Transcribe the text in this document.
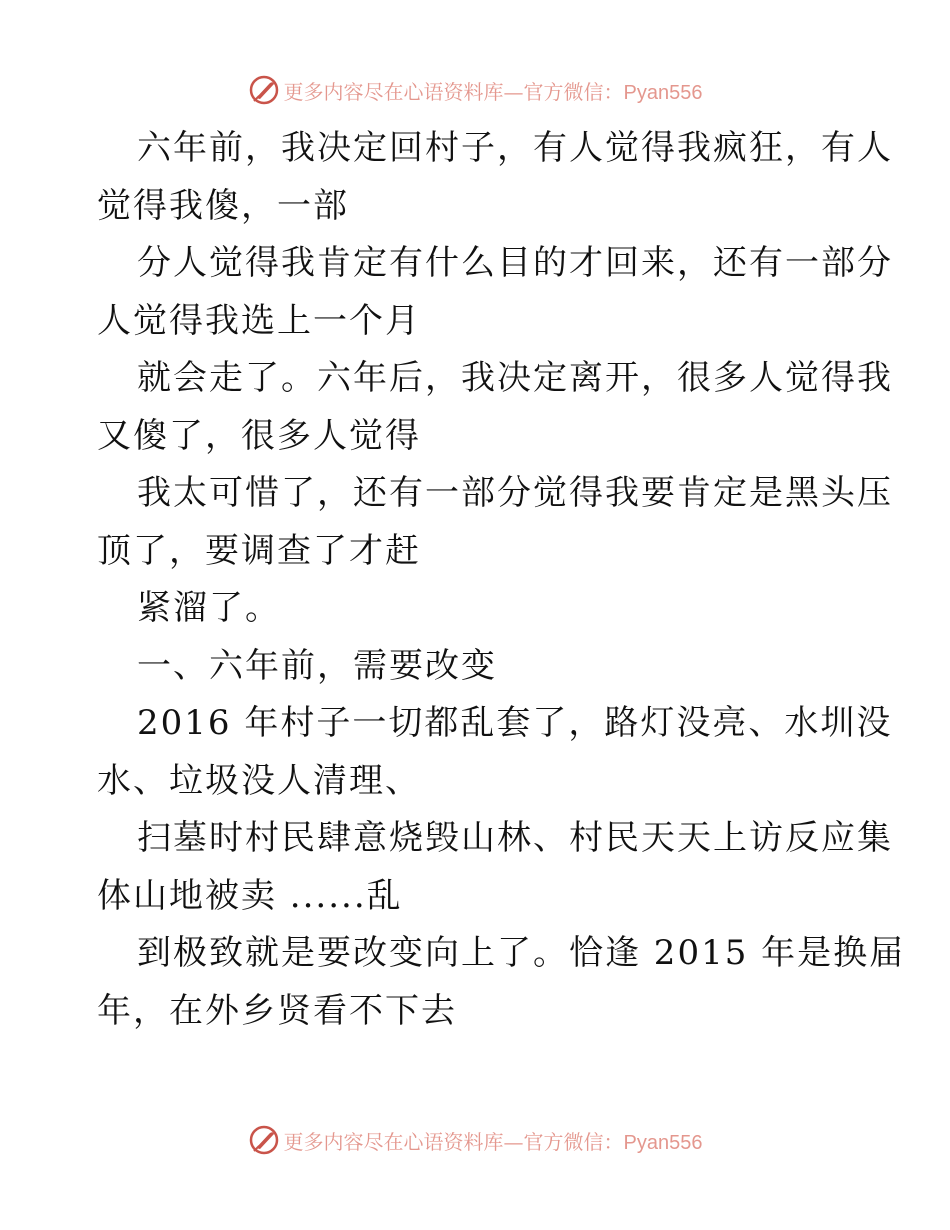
更多内容尽在心语资料库—官方微信：Pyan556
六年前，我决定回村子，有人觉得我疯狂，有人
觉得我傻，一部
分人觉得我肯定有什么目的才回来，还有一部分
人觉得我选上一个月
就会走了。六年后，我决定离开，很多人觉得我
又傻了，很多人觉得
我太可惜了，还有一部分觉得我要肯定是黑头压
顶了，要调查了才赶
紧溜了。
一、六年前，需要改变
2016 年村子一切都乱套了，路灯没亮、水圳没
水、垃圾没人清理、
扫墓时村民肆意烧毁山林、村民天天上访反应集
体山地被卖 ......乱
到极致就是要改变向上了。恰逢 2015 年是换届
年，在外乡贤看不下去
更多内容尽在心语资料库—官方微信：Pyan556
